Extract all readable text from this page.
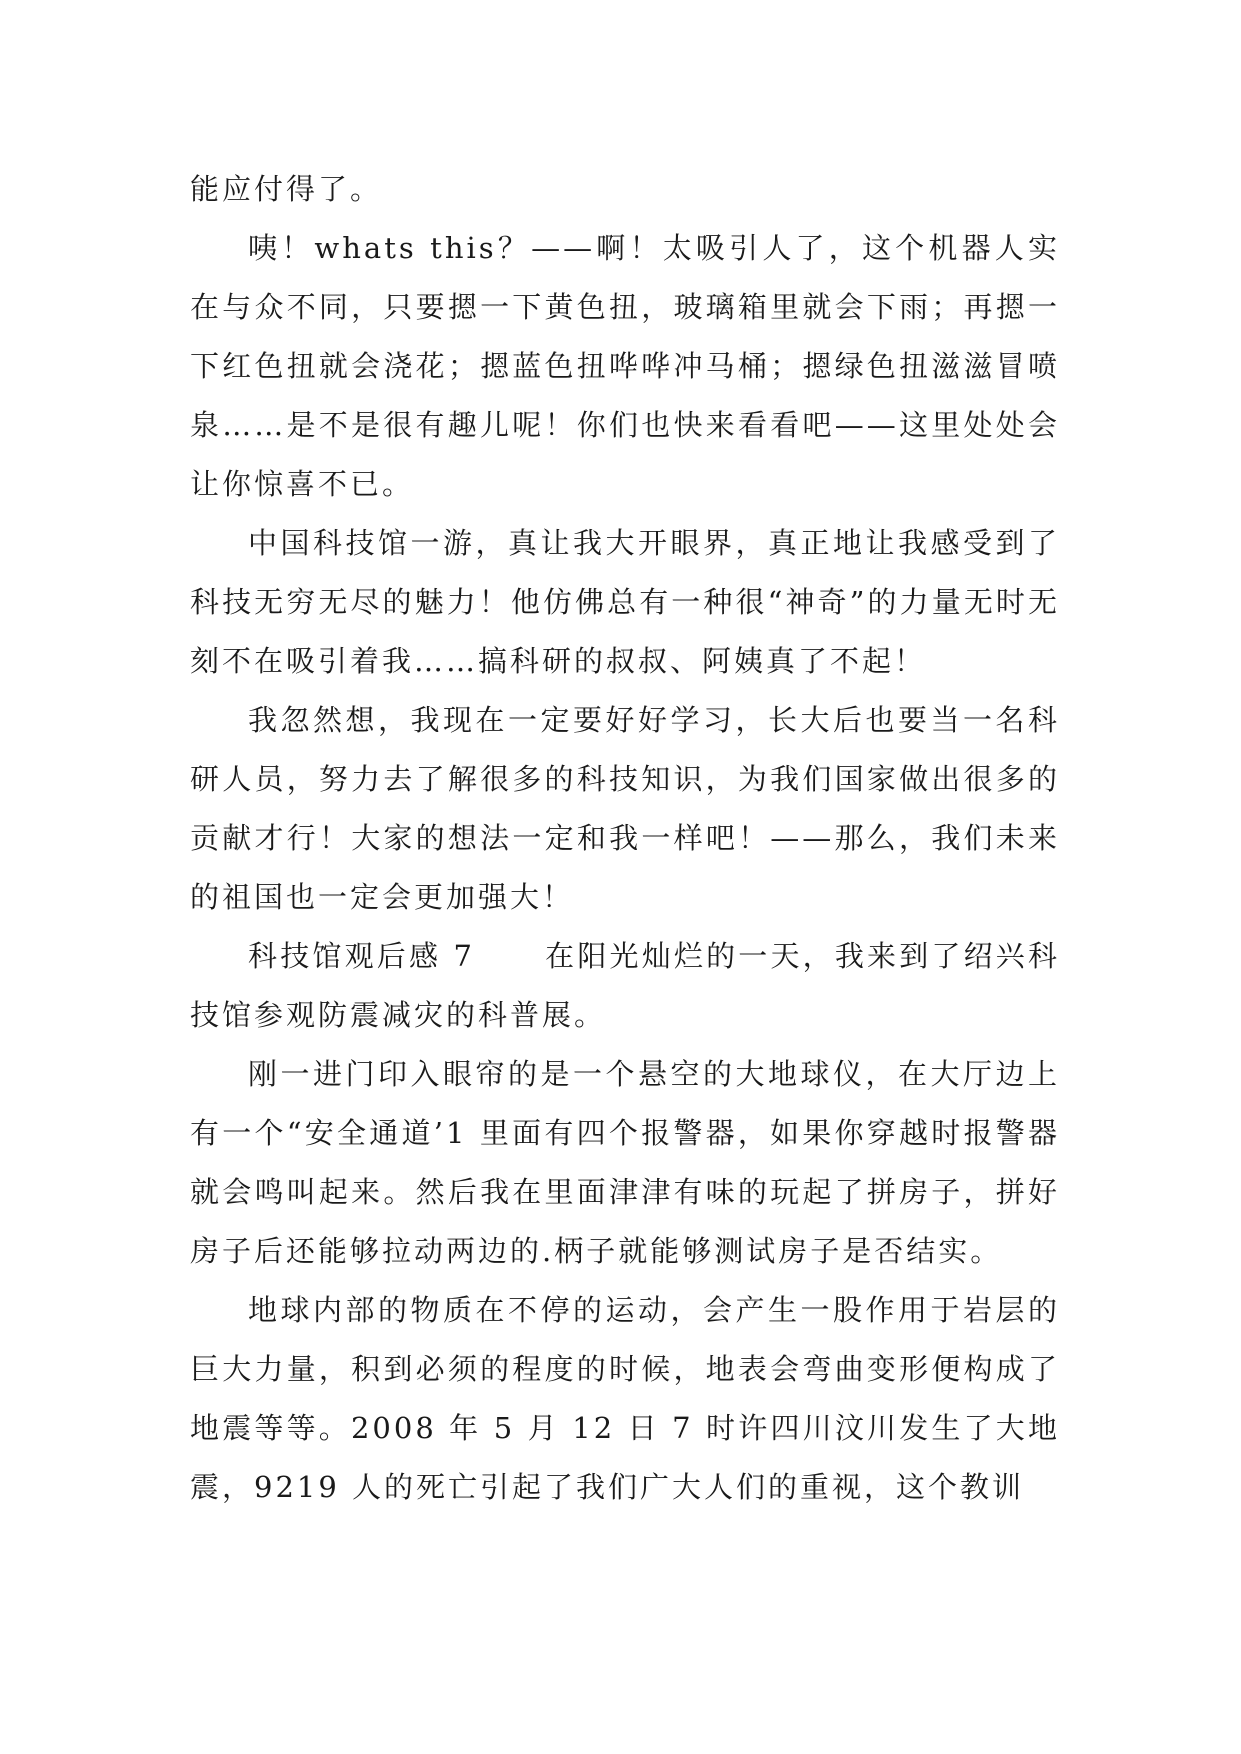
能应付得了。

咦！whats this？——啊！太吸引人了，这个机器人实在与众不同，只要摁一下黄色扭，玻璃箱里就会下雨；再摁一下红色扭就会浇花；摁蓝色扭哗哗冲马桶；摁绿色扭滋滋冒喷泉……是不是很有趣儿呢！你们也快来看看吧——这里处处会让你惊喜不已。

中国科技馆一游，真让我大开眼界，真正地让我感受到了科技无穷无尽的魅力！他仿佛总有一种很“神奇”的力量无时无刻不在吸引着我……搞科研的叔叔、阿姨真了不起！

我忽然想，我现在一定要好好学习，长大后也要当一名科研人员，努力去了解很多的科技知识，为我们国家做出很多的贡献才行！大家的想法一定和我一样吧！——那么，我们未来的祖国也一定会更加强大！

科技馆观后感 7 在阳光灿烂的一天，我来到了绍兴科技馆参观防震减灾的科普展。

刚一进门印入眼帘的是一个悬空的大地球仪，在大厅边上有一个“安全通道’1 里面有四个报警器，如果你穿越时报警器就会鸣叫起来。然后我在里面津津有味的玩起了拼房子，拼好房子后还能够拉动两边的.柄子就能够测试房子是否结实。

地球内部的物质在不停的运动，会产生一股作用于岩层的巨大力量，积到必须的程度的时候，地表会弯曲变形便构成了地震等等。2008 年 5 月 12 日 7 时许四川汶川发生了大地震，9219 人的死亡引起了我们广大人们的重视，这个教训
